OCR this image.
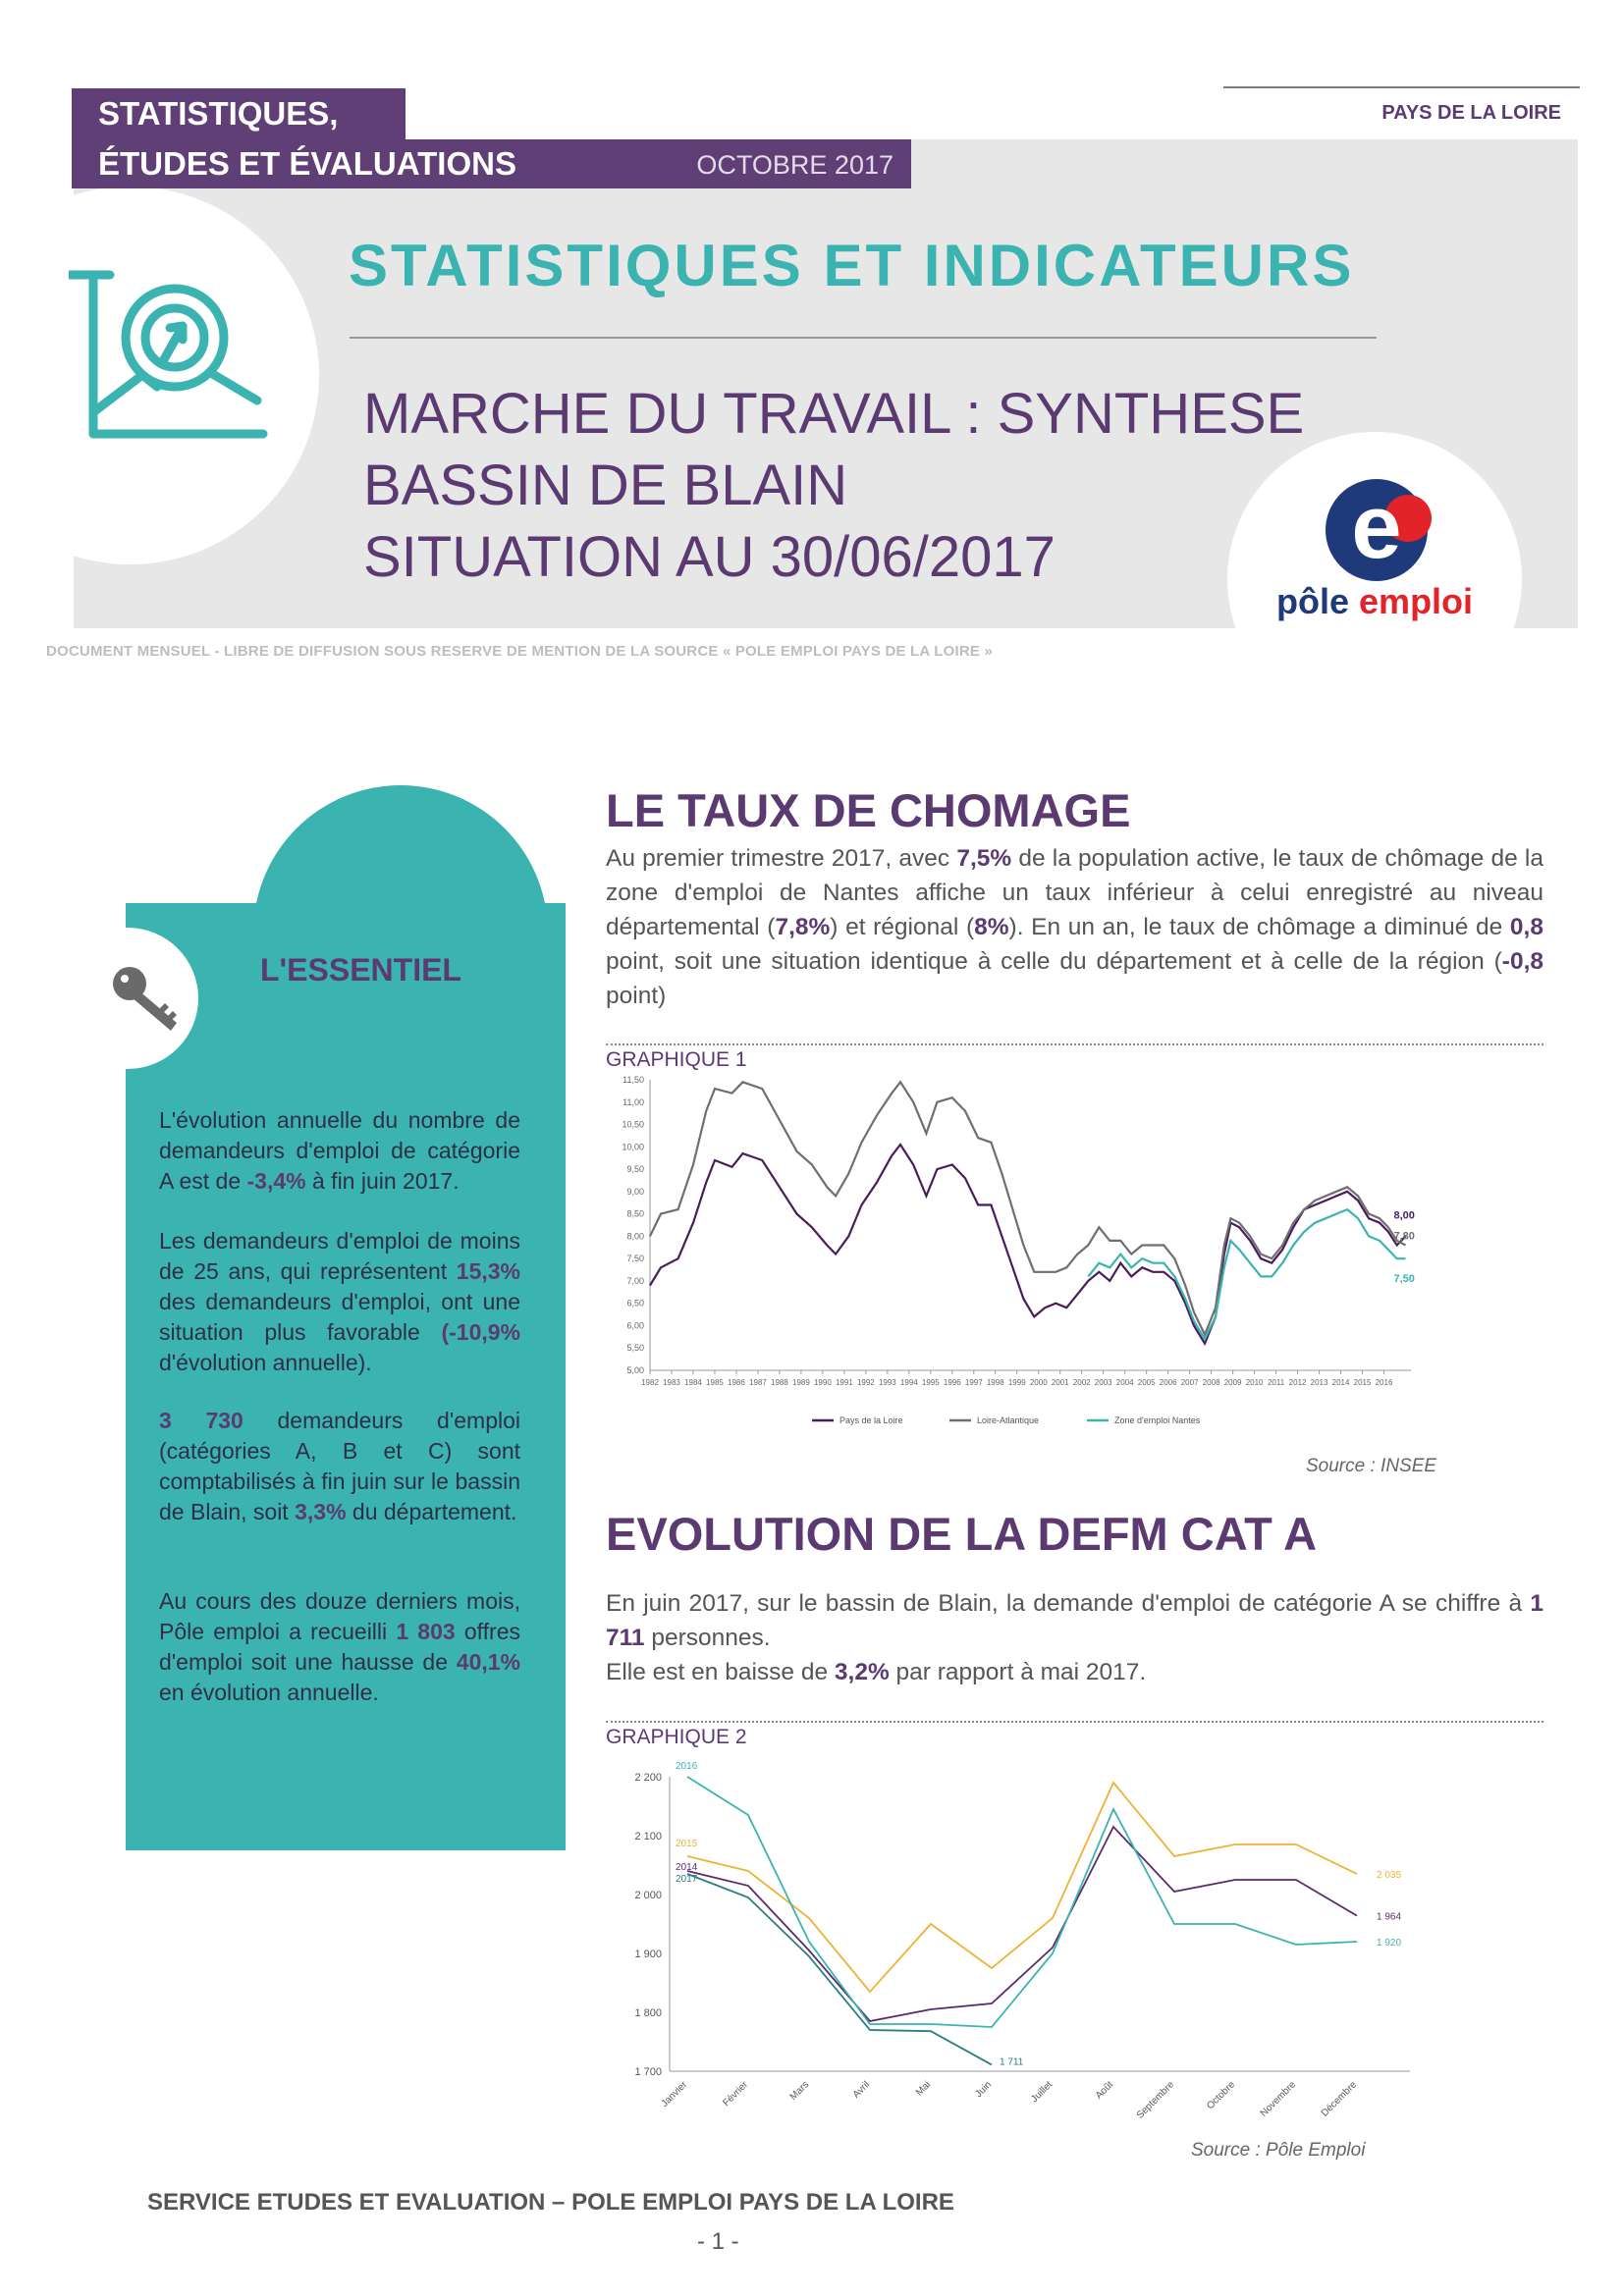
PAYS DE LA LOIRE
STATISTIQUES,
ÉTUDES ET ÉVALUATIONS	OCTOBRE 2017
STATISTIQUES ET INDICATEURS
MARCHE DU TRAVAIL : SYNTHESE
BASSIN DE BLAIN
SITUATION AU 30/06/2017	e
pôle emploi
DOCUMENT MENSUEL - LIBRE DE DIFFUSION SOUS RESERVE DE MENTION DE LA SOURCE « POLE EMPLOI PAYS DE LA LOIRE »
L'ESSENTIEL
L'évolution annuelle du nombre de demandeurs d'emploi de catégorie A est de -3,4% à fin juin 2017.
Les demandeurs d'emploi de moins de 25 ans, qui représentent 15,3% des demandeurs d'emploi, ont une situation plus favorable (-10,9% d'évolution annuelle).
3 730 demandeurs d'emploi (catégories A, B et C) sont comptabilisés à fin juin sur le bassin de Blain, soit 3,3% du département.
Au cours des douze derniers mois, Pôle emploi a recueilli 1 803 offres d'emploi soit une hausse de 40,1% en évolution annuelle.
LE TAUX DE CHOMAGE
Au premier trimestre 2017, avec 7,5% de la population active, le taux de chômage de la zone d'emploi de Nantes affiche un taux inférieur à celui enregistré au niveau départemental (7,8%) et régional (8%). En un an, le taux de chômage a diminué de 0,8 point, soit une situation identique à celle du département et à celle de la région (-0,8 point)
GRAPHIQUE 1
5,00
5,50
6,00
6,50
7,00
7,50
8,00
8,50
9,00
9,50
10,00
10,50
11,00
11,50
1982 1983 1984 1985 1986 1987 1988 1989 1990 1991 1992 1993 1994 1995 1996 1997 1998 1999 2000 2001 2002 2003 2004 2005 2006 2007 2008 2009 2010 2011 2012 2013 2014 2015 2016
8,00
Pays de la Loire
7,80
Loire-Atlantique
7,50
Zone d'emploi Nantes
Source : INSEE
EVOLUTION DE LA DEFM CAT A
En juin 2017, sur le bassin de Blain, la demande d'emploi de catégorie A se chiffre à 1 711 personnes.
Elle est en baisse de 3,2% par rapport à mai 2017.
GRAPHIQUE 2
1 700
1 800
1 900
2 000
2 100
2 200
Janvier	Février	Mars	Avril	Mai	Juin	Juillet	Août Septembre	Octobre Novembre Décembre
2015
2 035
2014
1 964
2016
1 920
2017
1 711
Source : Pôle Emploi
SERVICE ETUDES ET EVALUATION – POLE EMPLOI PAYS DE LA LOIRE
- 1 -
